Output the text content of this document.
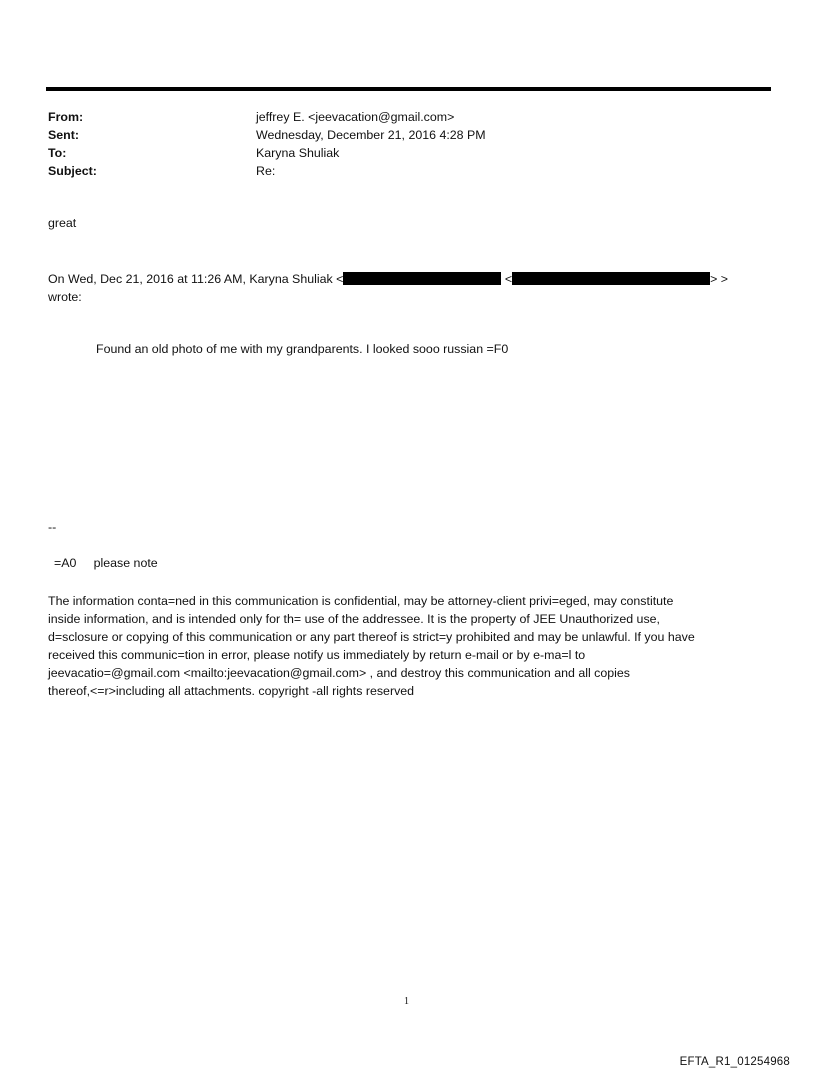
From:	jeffrey E. <jeevacation@gmail.com>
Sent:	Wednesday, December 21, 2016 4:28 PM
To:	Karyna Shuliak
Subject:	Re:
great
On Wed, Dec 21, 2016 at 11:26 AM, Karyna Shuliak <	<	> >
wrote:
Found an old photo of me with my grandparents. I looked sooo russian =F0
--
=A0     please note
The information conta=ned in this communication is confidential, may be attorney-client privi=eged, may constitute
inside information, and is intended only for th= use of the addressee. It is the property of JEE Unauthorized use,
d=sclosure or copying of this communication or any part thereof is strict=y prohibited and may be unlawful. If you have
received this communic=tion in error, please notify us immediately by return e-mail or by e-ma=l to
jeevacatio=@gmail.com <mailto:jeevacation@gmail.com> , and destroy this communication and all copies
thereof,<=r>including all attachments. copyright -all rights reserved
1
EFTA_R1_01254968
